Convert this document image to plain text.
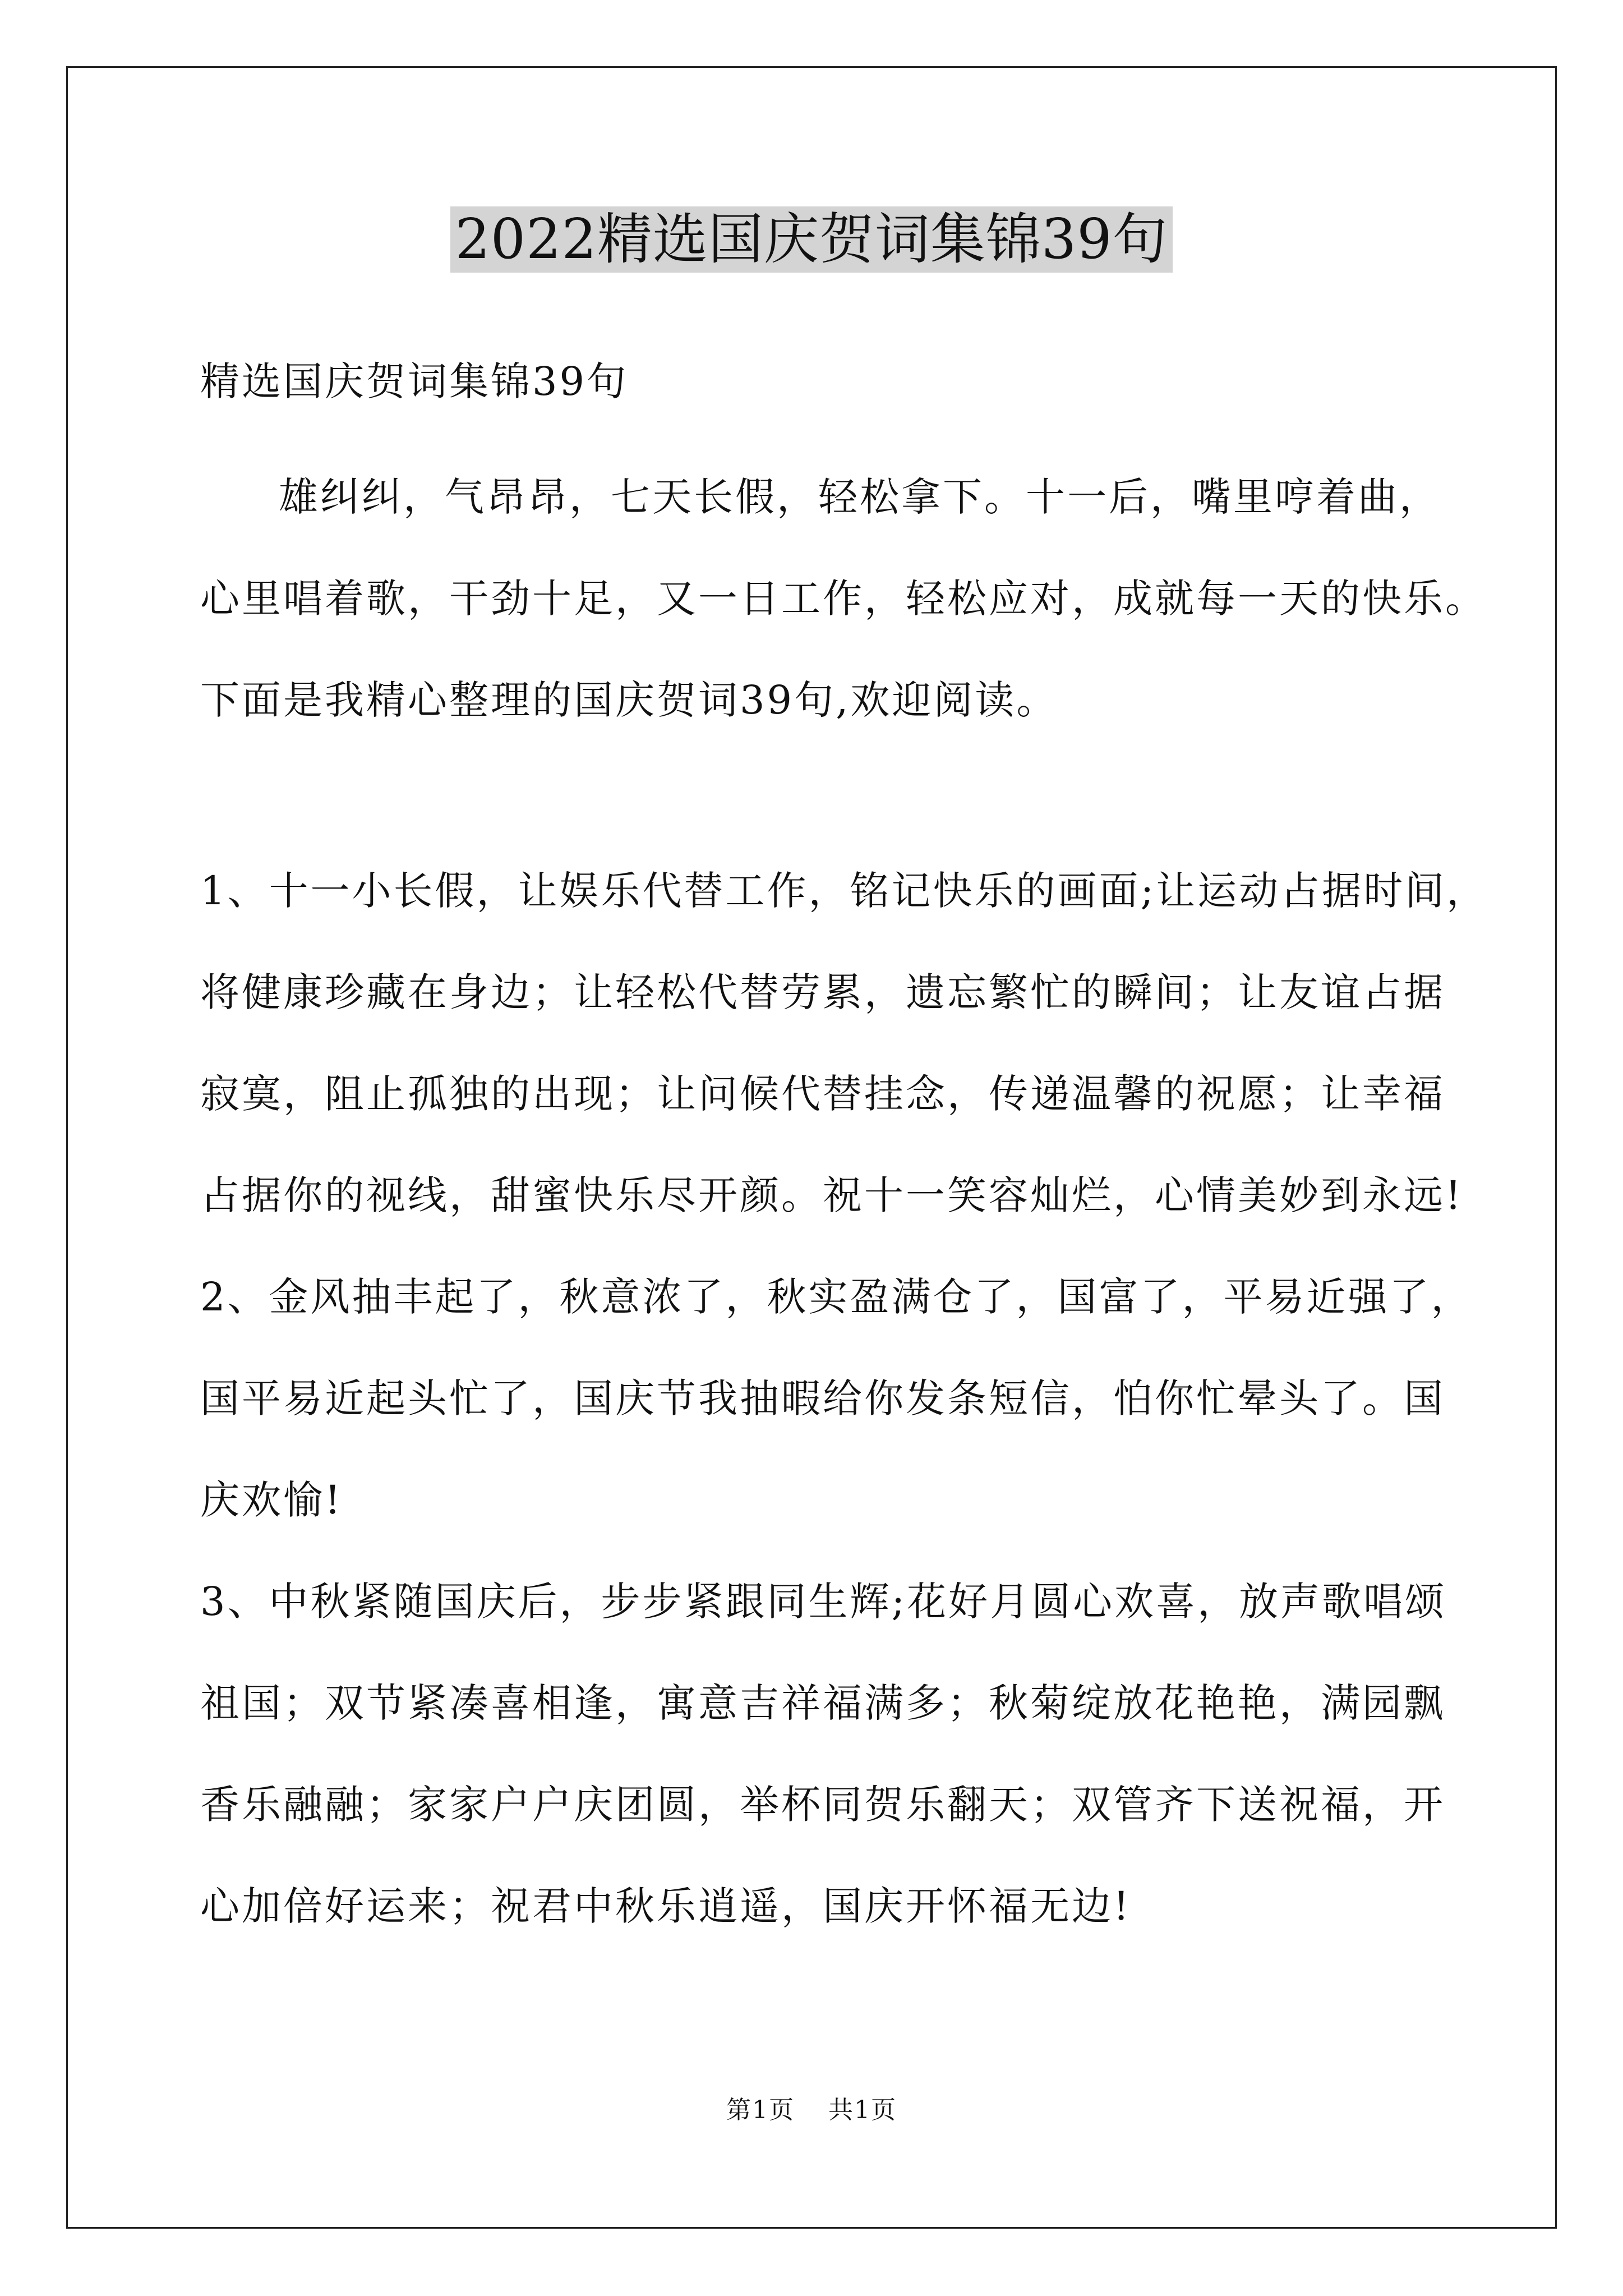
2022精选国庆贺词集锦39句
精选国庆贺词集锦39句
雄纠纠，气昂昂，七天长假，轻松拿下。十一后，嘴里哼着曲，
心里唱着歌，干劲十足，又一日工作，轻松应对，成就每一天的快乐。
下面是我精心整理的国庆贺词39句,欢迎阅读。
1、十一小长假，让娱乐代替工作，铭记快乐的画面;让运动占据时间，
将健康珍藏在身边；让轻松代替劳累，遗忘繁忙的瞬间；让友谊占据
寂寞，阻止孤独的出现；让问候代替挂念，传递温馨的祝愿；让幸福
占据你的视线，甜蜜快乐尽开颜。祝十一笑容灿烂，心情美妙到永远!
2、金风抽丰起了，秋意浓了，秋实盈满仓了，国富了，平易近强了，
国平易近起头忙了，国庆节我抽暇给你发条短信，怕你忙晕头了。国
庆欢愉!
3、中秋紧随国庆后，步步紧跟同生辉;花好月圆心欢喜，放声歌唱颂
祖国；双节紧凑喜相逢，寓意吉祥福满多；秋菊绽放花艳艳，满园飘
香乐融融；家家户户庆团圆，举杯同贺乐翻天；双管齐下送祝福，开
心加倍好运来；祝君中秋乐逍遥，国庆开怀福无边!
第1页 共1页
